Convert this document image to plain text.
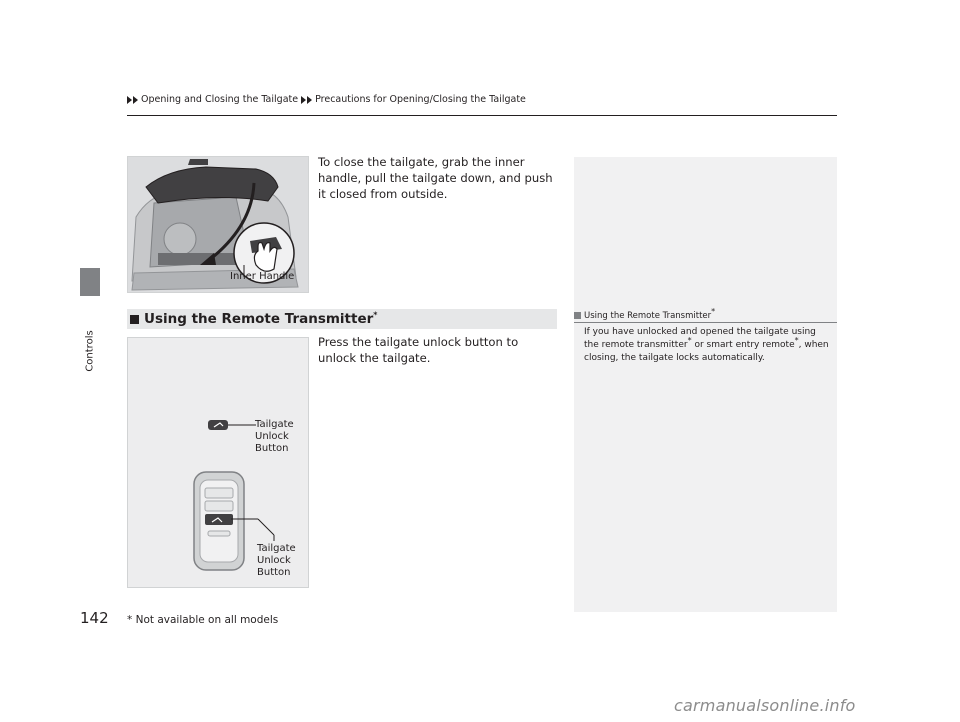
Opening and Closing the Tailgate Precautions for Opening/Closing the Tailgate
Controls
Inner Handle
To close the tailgate, grab the inner handle, pull the tailgate down, and push it closed from outside.
Using the Remote Transmitter*
Press the tailgate unlock button to unlock the tailgate.
Tailgate
Unlock
Button
Tailgate
Unlock
Button
Using the Remote Transmitter*
If you have unlocked and opened the tailgate using the remote transmitter* or smart entry remote*, when closing, the tailgate locks automatically.
142 * Not available on all models
carmanualsonline.info
